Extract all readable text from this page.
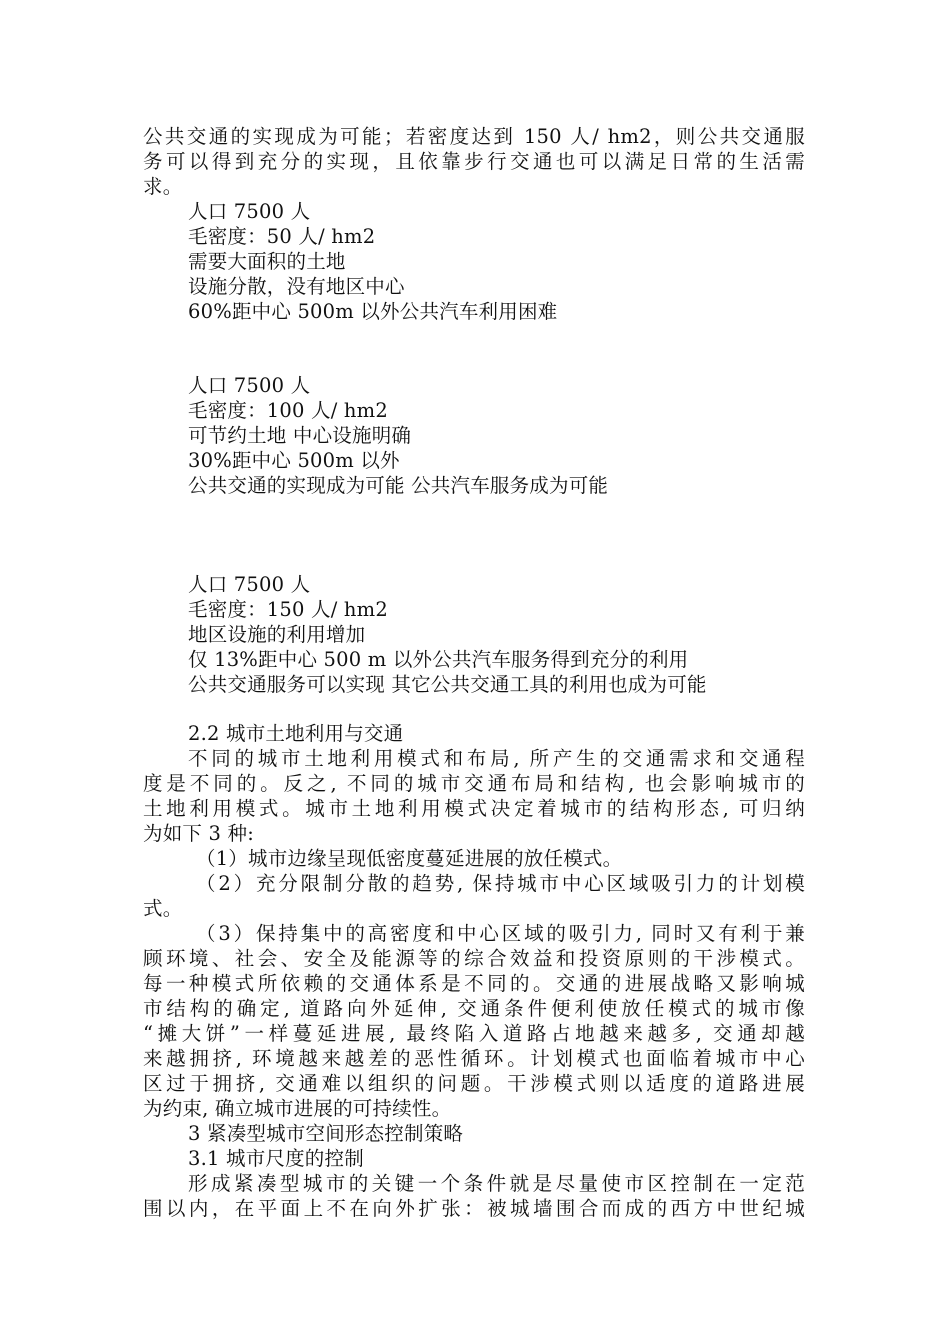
公共交通的实现成为可能；若密度达到 150 人/ hm2，则公共交通服
务可以得到充分的实现，且依靠步行交通也可以满足日常的生活需
求。
人口 7500 人
毛密度：50 人/ hm2
需要大面积的土地
设施分散，没有地区中心
60%距中心 500m 以外公共汽车利用困难
人口 7500 人
毛密度：100 人/ hm2
可节约土地 中心设施明确
30%距中心 500m 以外
公共交通的实现成为可能 公共汽车服务成为可能
人口 7500 人
毛密度：150 人/ hm2
地区设施的利用增加
仅 13%距中心 500 m 以外公共汽车服务得到充分的利用
公共交通服务可以实现 其它公共交通工具的利用也成为可能
2.2 城市土地利用与交通
不同的城市土地利用模式和布局, 所产生的交通需求和交通程
度是不同的。反之, 不同的城市交通布局和结构, 也会影响城市的
土地利用模式。城市土地利用模式决定着城市的结构形态, 可归纳
为如下 3 种:
（1）城市边缘呈现低密度蔓延进展的放任模式。
（2）充分限制分散的趋势, 保持城市中心区域吸引力的计划模
式。
（3）保持集中的高密度和中心区域的吸引力, 同时又有利于兼
顾环境、社会、安全及能源等的综合效益和投资原则的干涉模式。
每一种模式所依赖的交通体系是不同的。交通的进展战略又影响城
市结构的确定, 道路向外延伸, 交通条件便利使放任模式的城市像
“摊大饼”一样蔓延进展, 最终陷入道路占地越来越多, 交通却越
来越拥挤, 环境越来越差的恶性循环。计划模式也面临着城市中心
区过于拥挤, 交通难以组织的问题。干涉模式则以适度的道路进展
为约束, 确立城市进展的可持续性。
3 紧凑型城市空间形态控制策略
3.1 城市尺度的控制
形成紧凑型城市的关键一个条件就是尽量使市区控制在一定范
围以内，在平面上不在向外扩张：被城墙围合而成的西方中世纪城
